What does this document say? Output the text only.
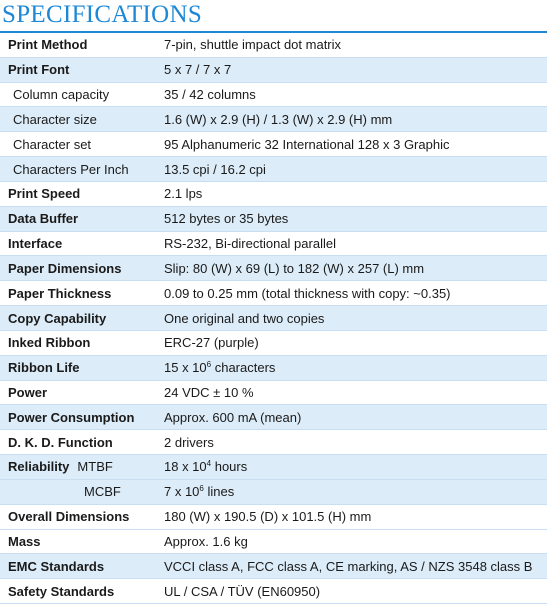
SPECIFICATIONS
Print Method	7-pin, shuttle impact dot matrix
Print Font	5 x 7 / 7 x 7
Column capacity	35 / 42 columns
Character size	1.6 (W) x 2.9 (H) / 1.3 (W) x 2.9 (H) mm
Character set	95 Alphanumeric 32 International 128 x 3 Graphic
Characters Per Inch	13.5 cpi / 16.2 cpi
Print Speed	2.1 lps
Data Buffer	512 bytes or 35 bytes
Interface	RS-232, Bi-directional parallel
Paper Dimensions	Slip: 80 (W) x 69 (L) to 182 (W) x 257 (L) mm
Paper Thickness	0.09 to 0.25 mm (total thickness with copy: ~0.35)
Copy Capability	One original and two copies
Inked Ribbon	ERC-27 (purple)
Ribbon Life	15 x $10^6$ characters
Power	24 VDC ± 10 %
Power Consumption	Approx. 600 mA (mean)
D. K. D. Function	2 drivers
Reliability MTBF	18 x $10^4$ hours
MCBF	7 x $10^6$ lines
Overall Dimensions	180 (W) x 190.5 (D) x 101.5 (H) mm
Mass	Approx. 1.6 kg
EMC Standards	VCCI class A, FCC class A, CE marking, AS / NZS 3548 class B
Safety Standards	UL / CSA / TÜV (EN60950)
